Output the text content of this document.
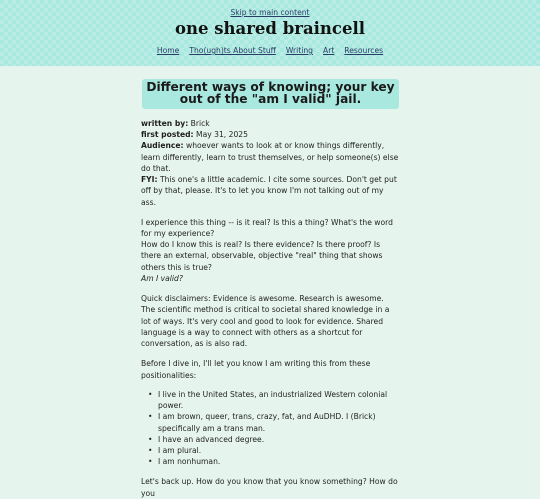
Skip to main content
one shared braincell
Home Tho(ugh)ts About Stuff Writing Art Resources
Different ways of knowing; your key out of the "am I valid" jail.
written by: Brick
first posted: May 31, 2025
Audience: whoever wants to look at or know things differently, learn differently, learn to trust themselves, or help someone(s) else do that.
FYI: This one's a little academic. I cite some sources. Don't get put off by that, please. It's to let you know I'm not talking out of my ass.

I experience this thing -- is it real? Is this a thing? What's the word for my experience?
How do I know this is real? Is there evidence? Is there proof? Is there an external, observable, objective "real" thing that shows others this is true?
Am I valid?

Quick disclaimers: Evidence is awesome. Research is awesome. The scientific method is critical to societal shared knowledge in a lot of ways. It's very cool and good to look for evidence. Shared language is a way to connect with others as a shortcut for conversation, as is also rad.

Before I dive in, I'll let you know I am writing this from these positionalities:

• I live in the United States, an industrialized Western colonial power.
• I am brown, queer, trans, crazy, fat, and AuDHD. I (Brick) specifically am a trans man.
• I have an advanced degree.
• I am plural.
• I am nonhuman.

Let's back up. How do you know that you know something? How do you
